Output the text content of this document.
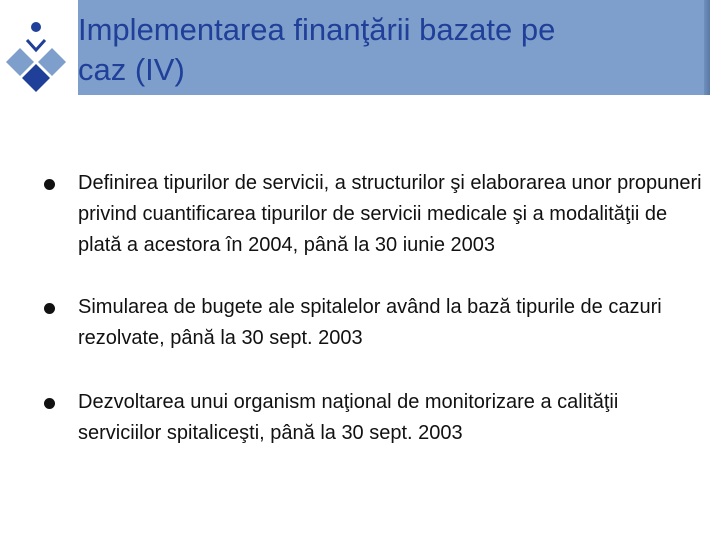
Implementarea finanţării bazate pe
caz (IV)
Definirea tipurilor de servicii, a structurilor şi elaborarea unor propuneri privind cuantificarea tipurilor de servicii medicale şi a modalităţii de plată a acestora în 2004, până la 30 iunie 2003
Simularea de bugete ale spitalelor având la bază tipurile de cazuri rezolvate, până la 30 sept. 2003
Dezvoltarea unui organism naţional de monitorizare a calităţii serviciilor spitaliceşti, până la 30 sept. 2003
